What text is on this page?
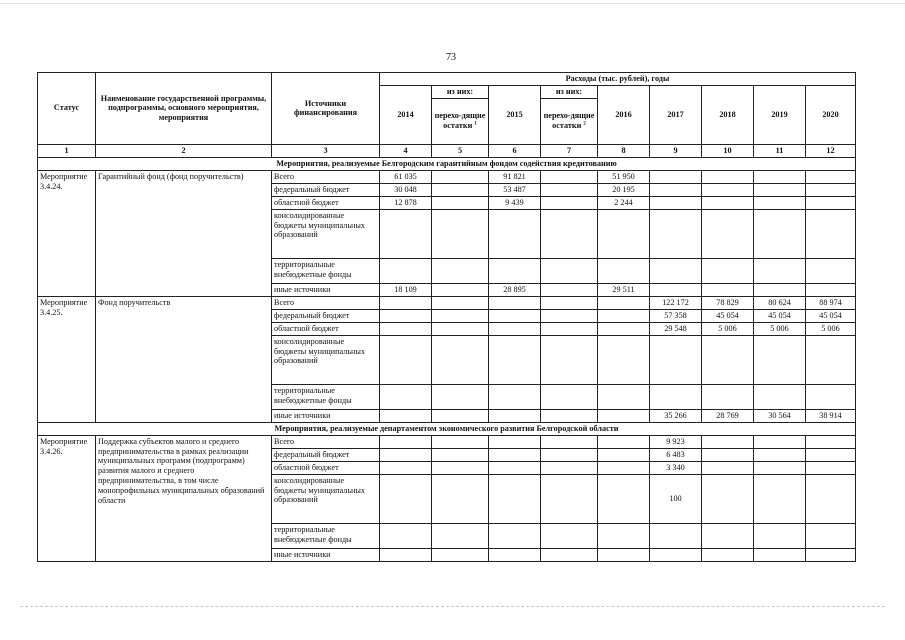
73
Статус	Наименование государственной программы, подпрограммы, основного мероприятия, мероприятия	Источники финансирования	Расходы (тыс. рублей), годы								
			2014	из них:	2015	из них:	2016	2017	2018	2019	2020
				перехо-дящие остатки $^1$		перехо-дящие остатки $^2$
1	2	3	4	5	6	7	8	9	10	11	12
Мероприятия, реализуемые Белгородским гарантийным фондом содействия кредитованию											
Мероприятие 3.4.24.	Гарантийный фонд (фонд поручительств)	Всего	61 035		91 821		51 950				
		федеральный бюджет	30 048		53 487		20 195				
		областной бюджет	12 878		9 439		2 244				
		консолидированные бюджеты муниципальных образований									
		территориальные внебюджетные фонды									
		иные источники	18 109		28 895		29 511				
Мероприятие 3.4.25.	Фонд поручительств	Всего						122 172	78 829	80 624	88 974
		федеральный бюджет						57 358	45 054	45 054	45 054
		областной бюджет						29 548	5 006	5 006	5 006
		консолидированные бюджеты муниципальных образований									
		территориальные внебюджетные фонды									
		иные источники						35 266	28 769	30 564	38 914
Мероприятия, реализуемые департаментом экономического развития Белгородской области											
Мероприятие 3.4.26.	Поддержка субъектов малого и среднего предпринимательства в рамках реализации муниципальных программ (подпрограмм) развития малого и среднего предпринимательства, в том числе монопрофильных муниципальных образований области	Всего						9 923			
		федеральный бюджет						6 483			
		областной бюджет						3 340			
		консолидированные бюджеты муниципальных образований						100			
		территориальные внебюджетные фонды									
		иные источники									
